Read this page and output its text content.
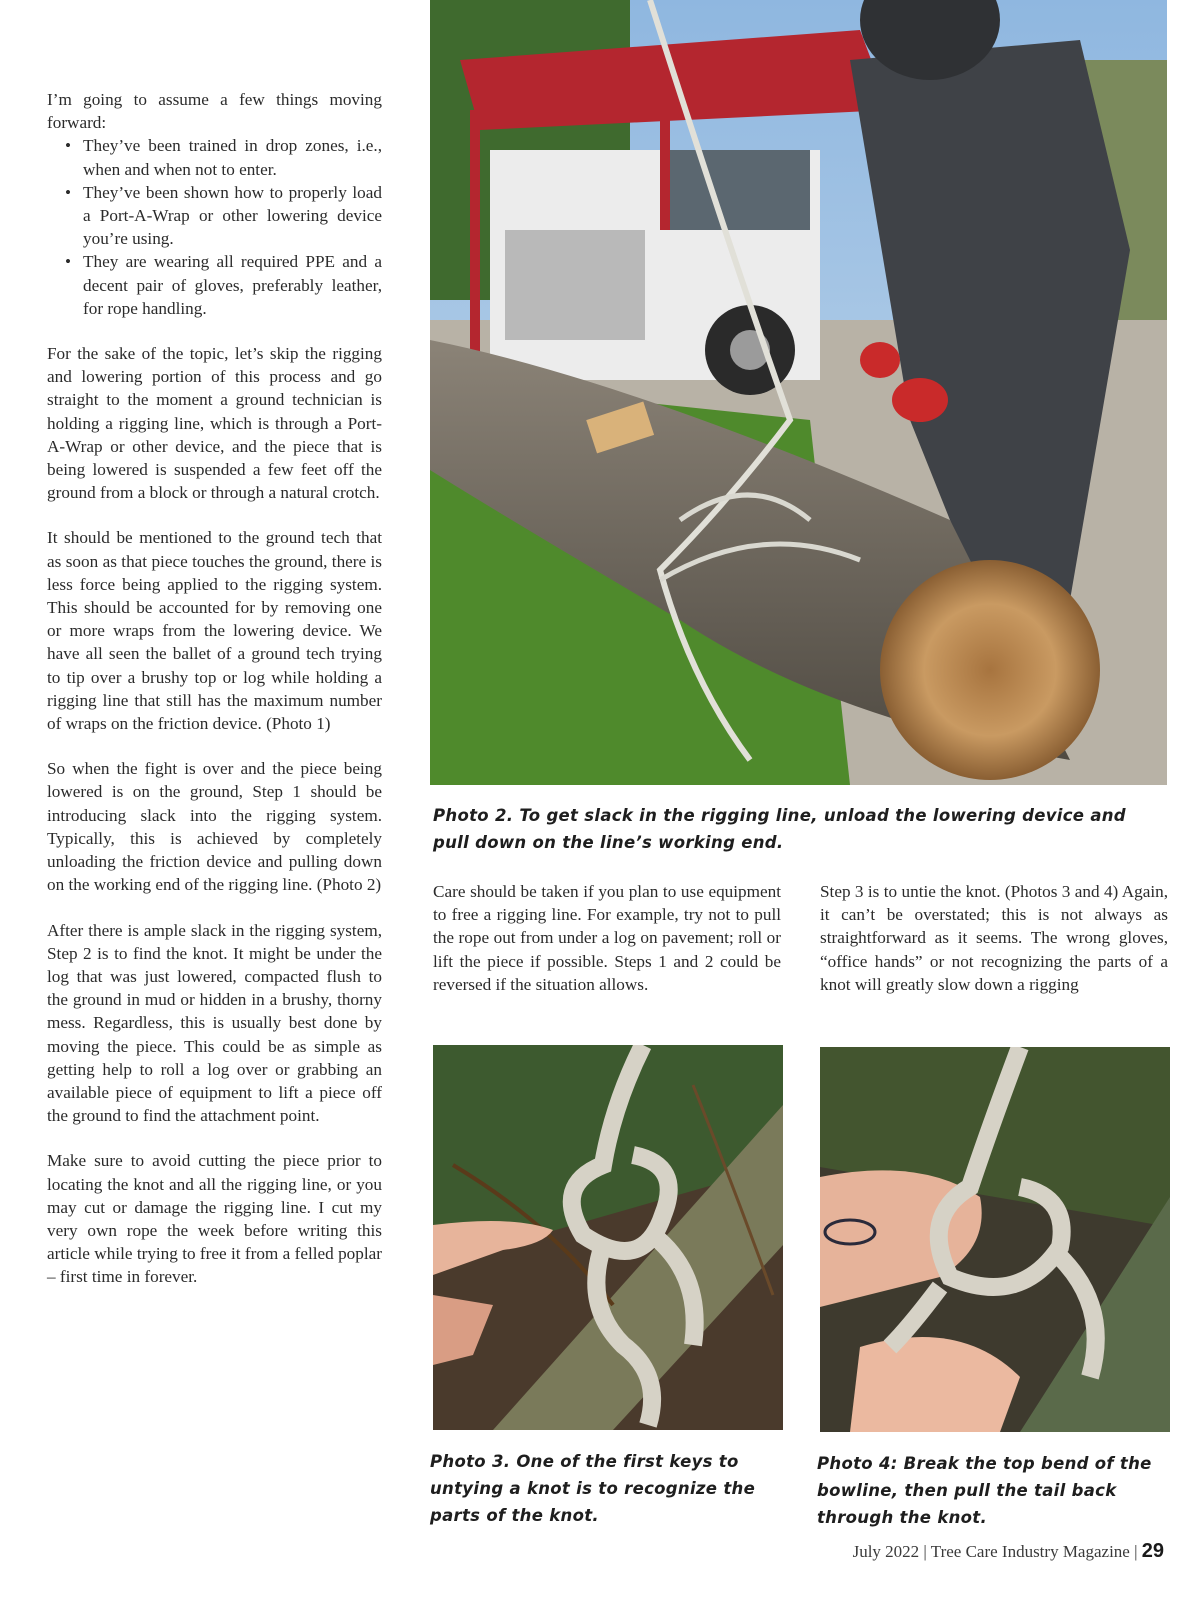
I’m going to assume a few things moving forward:

• They’ve been trained in drop zones, i.e., when and when not to enter.
• They’ve been shown how to properly load a Port-A-Wrap or other lowering device you’re using.
• They are wearing all required PPE and a decent pair of gloves, preferably leather, for rope handling.

For the sake of the topic, let’s skip the rigging and lowering portion of this process and go straight to the moment a ground technician is holding a rigging line, which is through a Port-A-Wrap or other device, and the piece that is being lowered is suspended a few feet off the ground from a block or through a natural crotch.

It should be mentioned to the ground tech that as soon as that piece touches the ground, there is less force being applied to the rigging system. This should be accounted for by removing one or more wraps from the lowering device. We have all seen the ballet of a ground tech trying to tip over a brushy top or log while holding a rigging line that still has the maximum number of wraps on the friction device. (Photo 1)

So when the fight is over and the piece being lowered is on the ground, Step 1 should be introducing slack into the rigging system. Typically, this is achieved by completely unloading the friction device and pulling down on the working end of the rigging line. (Photo 2)

After there is ample slack in the rigging system, Step 2 is to find the knot. It might be under the log that was just lowered, compacted flush to the ground in mud or hidden in a brushy, thorny mess. Regardless, this is usually best done by moving the piece. This could be as simple as getting help to roll a log over or grabbing an available piece of equipment to lift a piece off the ground to find the attachment point.

Make sure to avoid cutting the piece prior to locating the knot and all the rigging line, or you may cut or damage the rigging line. I cut my very own rope the week before writing this article while trying to free it from a felled poplar – first time in forever.

Photo 2. To get slack in the rigging line, unload the lowering device and pull down on the line’s working end.

Care should be taken if you plan to use equipment to free a rigging line. For example, try not to pull the rope out from under a log on pavement; roll or lift the piece if possible. Steps 1 and 2 could be reversed if the situation allows.

Step 3 is to untie the knot. (Photos 3 and 4) Again, it can’t be overstated; this is not always as straightforward as it seems. The wrong gloves, “office hands” or not recognizing the parts of a knot will greatly slow down a rigging

Photo 3. One of the first keys to untying a knot is to recognize the parts of the knot.
Photo 4: Break the top bend of the bowline, then pull the tail back through the knot.
July 2022 | Tree Care Industry Magazine | 29
